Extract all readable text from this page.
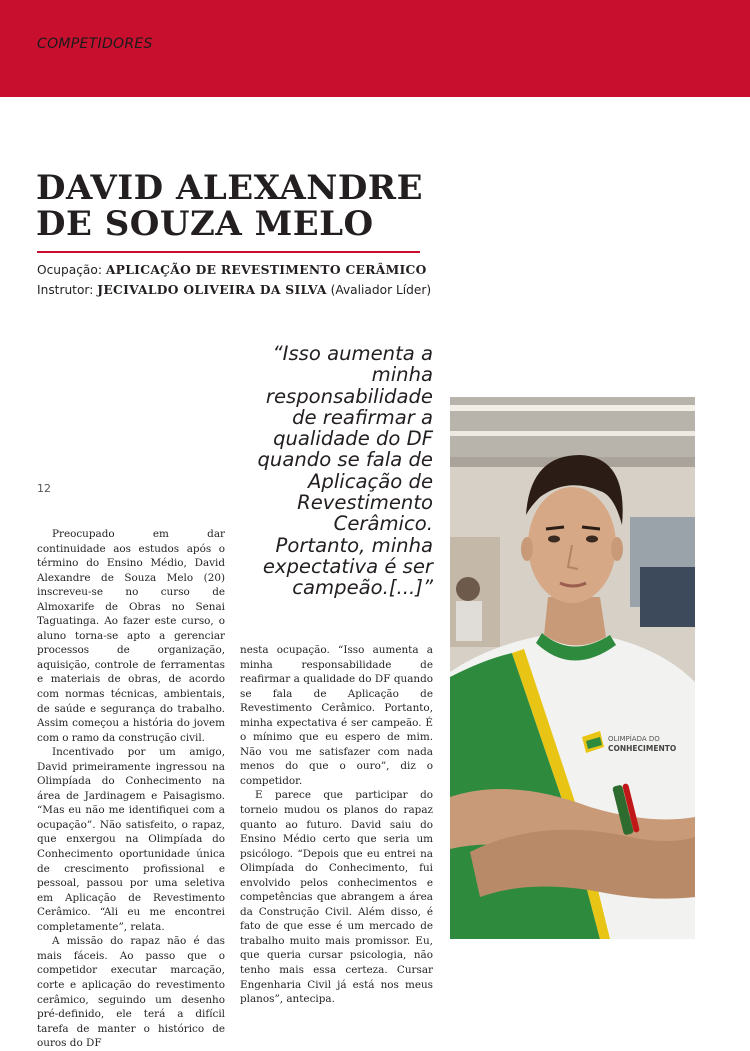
COMPETIDORES
DAVID ALEXANDRE
DE SOUZA MELO
Ocupação: APLICAÇÃO DE REVESTIMENTO CERÂMICO
Instrutor: JECIVALDO OLIVEIRA DA SILVA (Avaliador Líder)
12
“Isso aumenta a minha responsabilidade de reafirmar a qualidade do DF quando se fala de Aplicação de Revestimento Cerâmico. Portanto, minha expectativa é ser campeão.[...]”

Preocupado em dar continuidade aos estudos após o término do Ensino Médio, David Alexandre de Souza Melo (20) inscreveu-se no curso de Almoxarife de Obras no Senai Taguatinga. Ao fazer este curso, o aluno torna-se apto a gerenciar processos de organização, aquisição, controle de ferramentas e materiais de obras, de acordo com normas técnicas, ambientais, de saúde e segurança do trabalho. Assim começou a história do jovem com o ramo da construção civil.

Incentivado por um amigo, David primeiramente ingressou na Olimpíada do Conhecimento na área de Jardinagem e Paisagismo. “Mas eu não me identifiquei com a ocupação”. Não satisfeito, o rapaz, que enxergou na Olimpíada do Conhecimento oportunidade única de crescimento profissional e pessoal, passou por uma seletiva em Aplicação de Revestimento Cerâmico. “Ali eu me encontrei completamente”, relata.

A missão do rapaz não é das mais fáceis. Ao passo que o competidor executar marcação, corte e aplicação do revestimento cerâmico, seguindo um desenho pré-definido, ele terá a difícil tarefa de manter o histórico de ouros do DF

nesta ocupação. “Isso aumenta a minha responsabilidade de reafirmar a qualidade do DF quando se fala de Aplicação de Revestimento Cerâmico. Portanto, minha expectativa é ser campeão. É o mínimo que eu espero de mim. Não vou me satisfazer com nada menos do que o ouro”, diz o competidor.

E parece que participar do torneio mudou os planos do rapaz quanto ao futuro. David saiu do Ensino Médio certo que seria um psicólogo. “Depois que eu entrei na Olimpíada do Conhecimento, fui envolvido pelos conhecimentos e competências que abrangem a área da Construção Civil. Além disso, é fato de que esse é um mercado de trabalho muito mais promissor. Eu, que queria cursar psicologia, não tenho mais essa certeza. Cursar Engenharia Civil já está nos meus planos”, antecipa.

OLIMPÍADA DO
CONHECIMENTO
